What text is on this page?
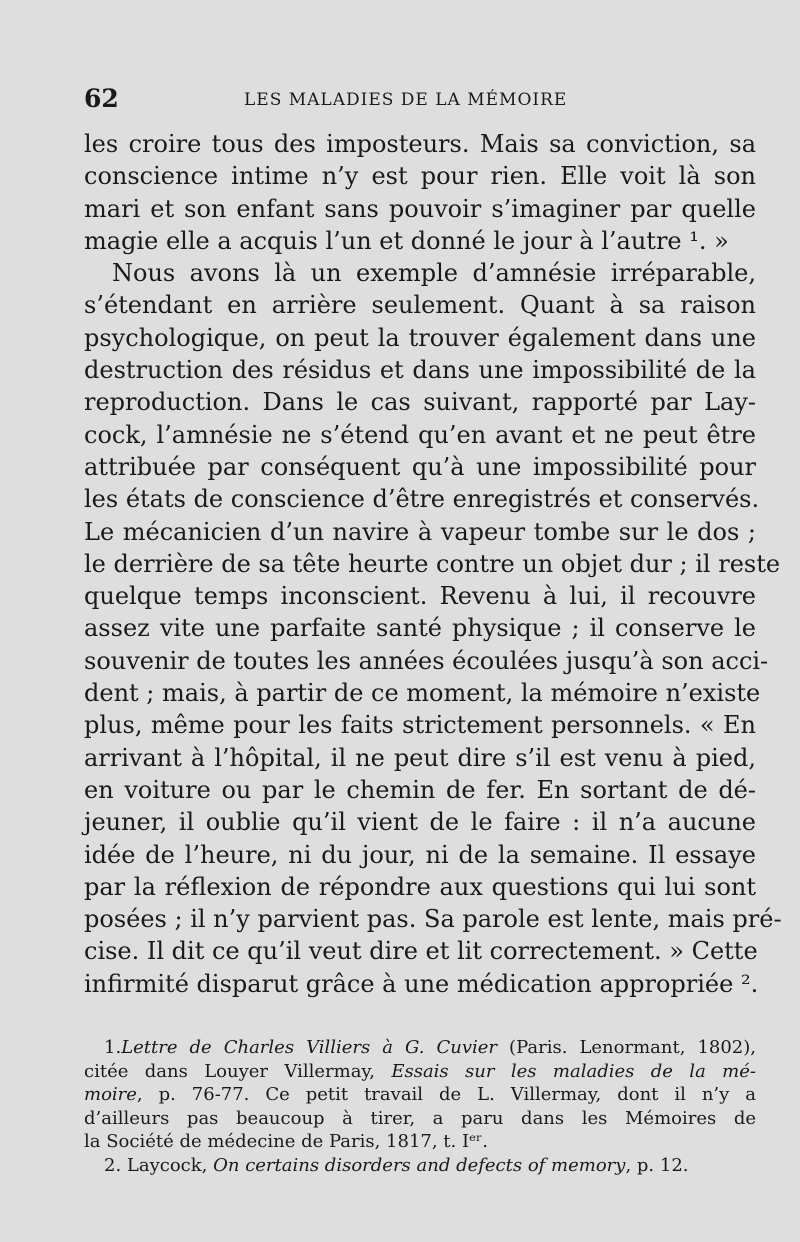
62	LES MALADIES DE LA MÉMOIRE
les croire tous des imposteurs. Mais sa conviction, sa
conscience intime n’y est pour rien. Elle voit là son
mari et son enfant sans pouvoir s’imaginer par quelle
magie elle a acquis l’un et donné le jour à l’autre ¹. »
Nous avons là un exemple d’amnésie irréparable,
s’étendant en arrière seulement. Quant à sa raison
psychologique, on peut la trouver également dans une
destruction des résidus et dans une impossibilité de la
reproduction. Dans le cas suivant, rapporté par Lay-
cock, l’amnésie ne s’étend qu’en avant et ne peut être
attribuée par conséquent qu’à une impossibilité pour
les états de conscience d’être enregistrés et conservés.
Le mécanicien d’un navire à vapeur tombe sur le dos ;
le derrière de sa tête heurte contre un objet dur ; il reste
quelque temps inconscient. Revenu à lui, il recouvre
assez vite une parfaite santé physique ; il conserve le
souvenir de toutes les années écoulées jusqu’à son acci-
dent ; mais, à partir de ce moment, la mémoire n’existe
plus, même pour les faits strictement personnels. « En
arrivant à l’hôpital, il ne peut dire s’il est venu à pied,
en voiture ou par le chemin de fer. En sortant de dé-
jeuner, il oublie qu’il vient de le faire : il n’a aucune
idée de l’heure, ni du jour, ni de la semaine. Il essaye
par la réflexion de répondre aux questions qui lui sont
posées ; il n’y parvient pas. Sa parole est lente, mais pré-
cise. Il dit ce qu’il veut dire et lit correctement. » Cette
infirmité disparut grâce à une médication appropriée ².
1.Lettre de Charles Villiers à G. Cuvier (Paris. Lenormant, 1802),
citée dans Louyer Villermay, Essais sur les maladies de la mé-
moire, p. 76-77. Ce petit travail de L. Villermay, dont il n’y a
d’ailleurs pas beaucoup à tirer, a paru dans les Mémoires de
la Société de médecine de Paris, 1817, t. Iᵉʳ.
2. Laycock, On certains disorders and defects of memory, p. 12.
